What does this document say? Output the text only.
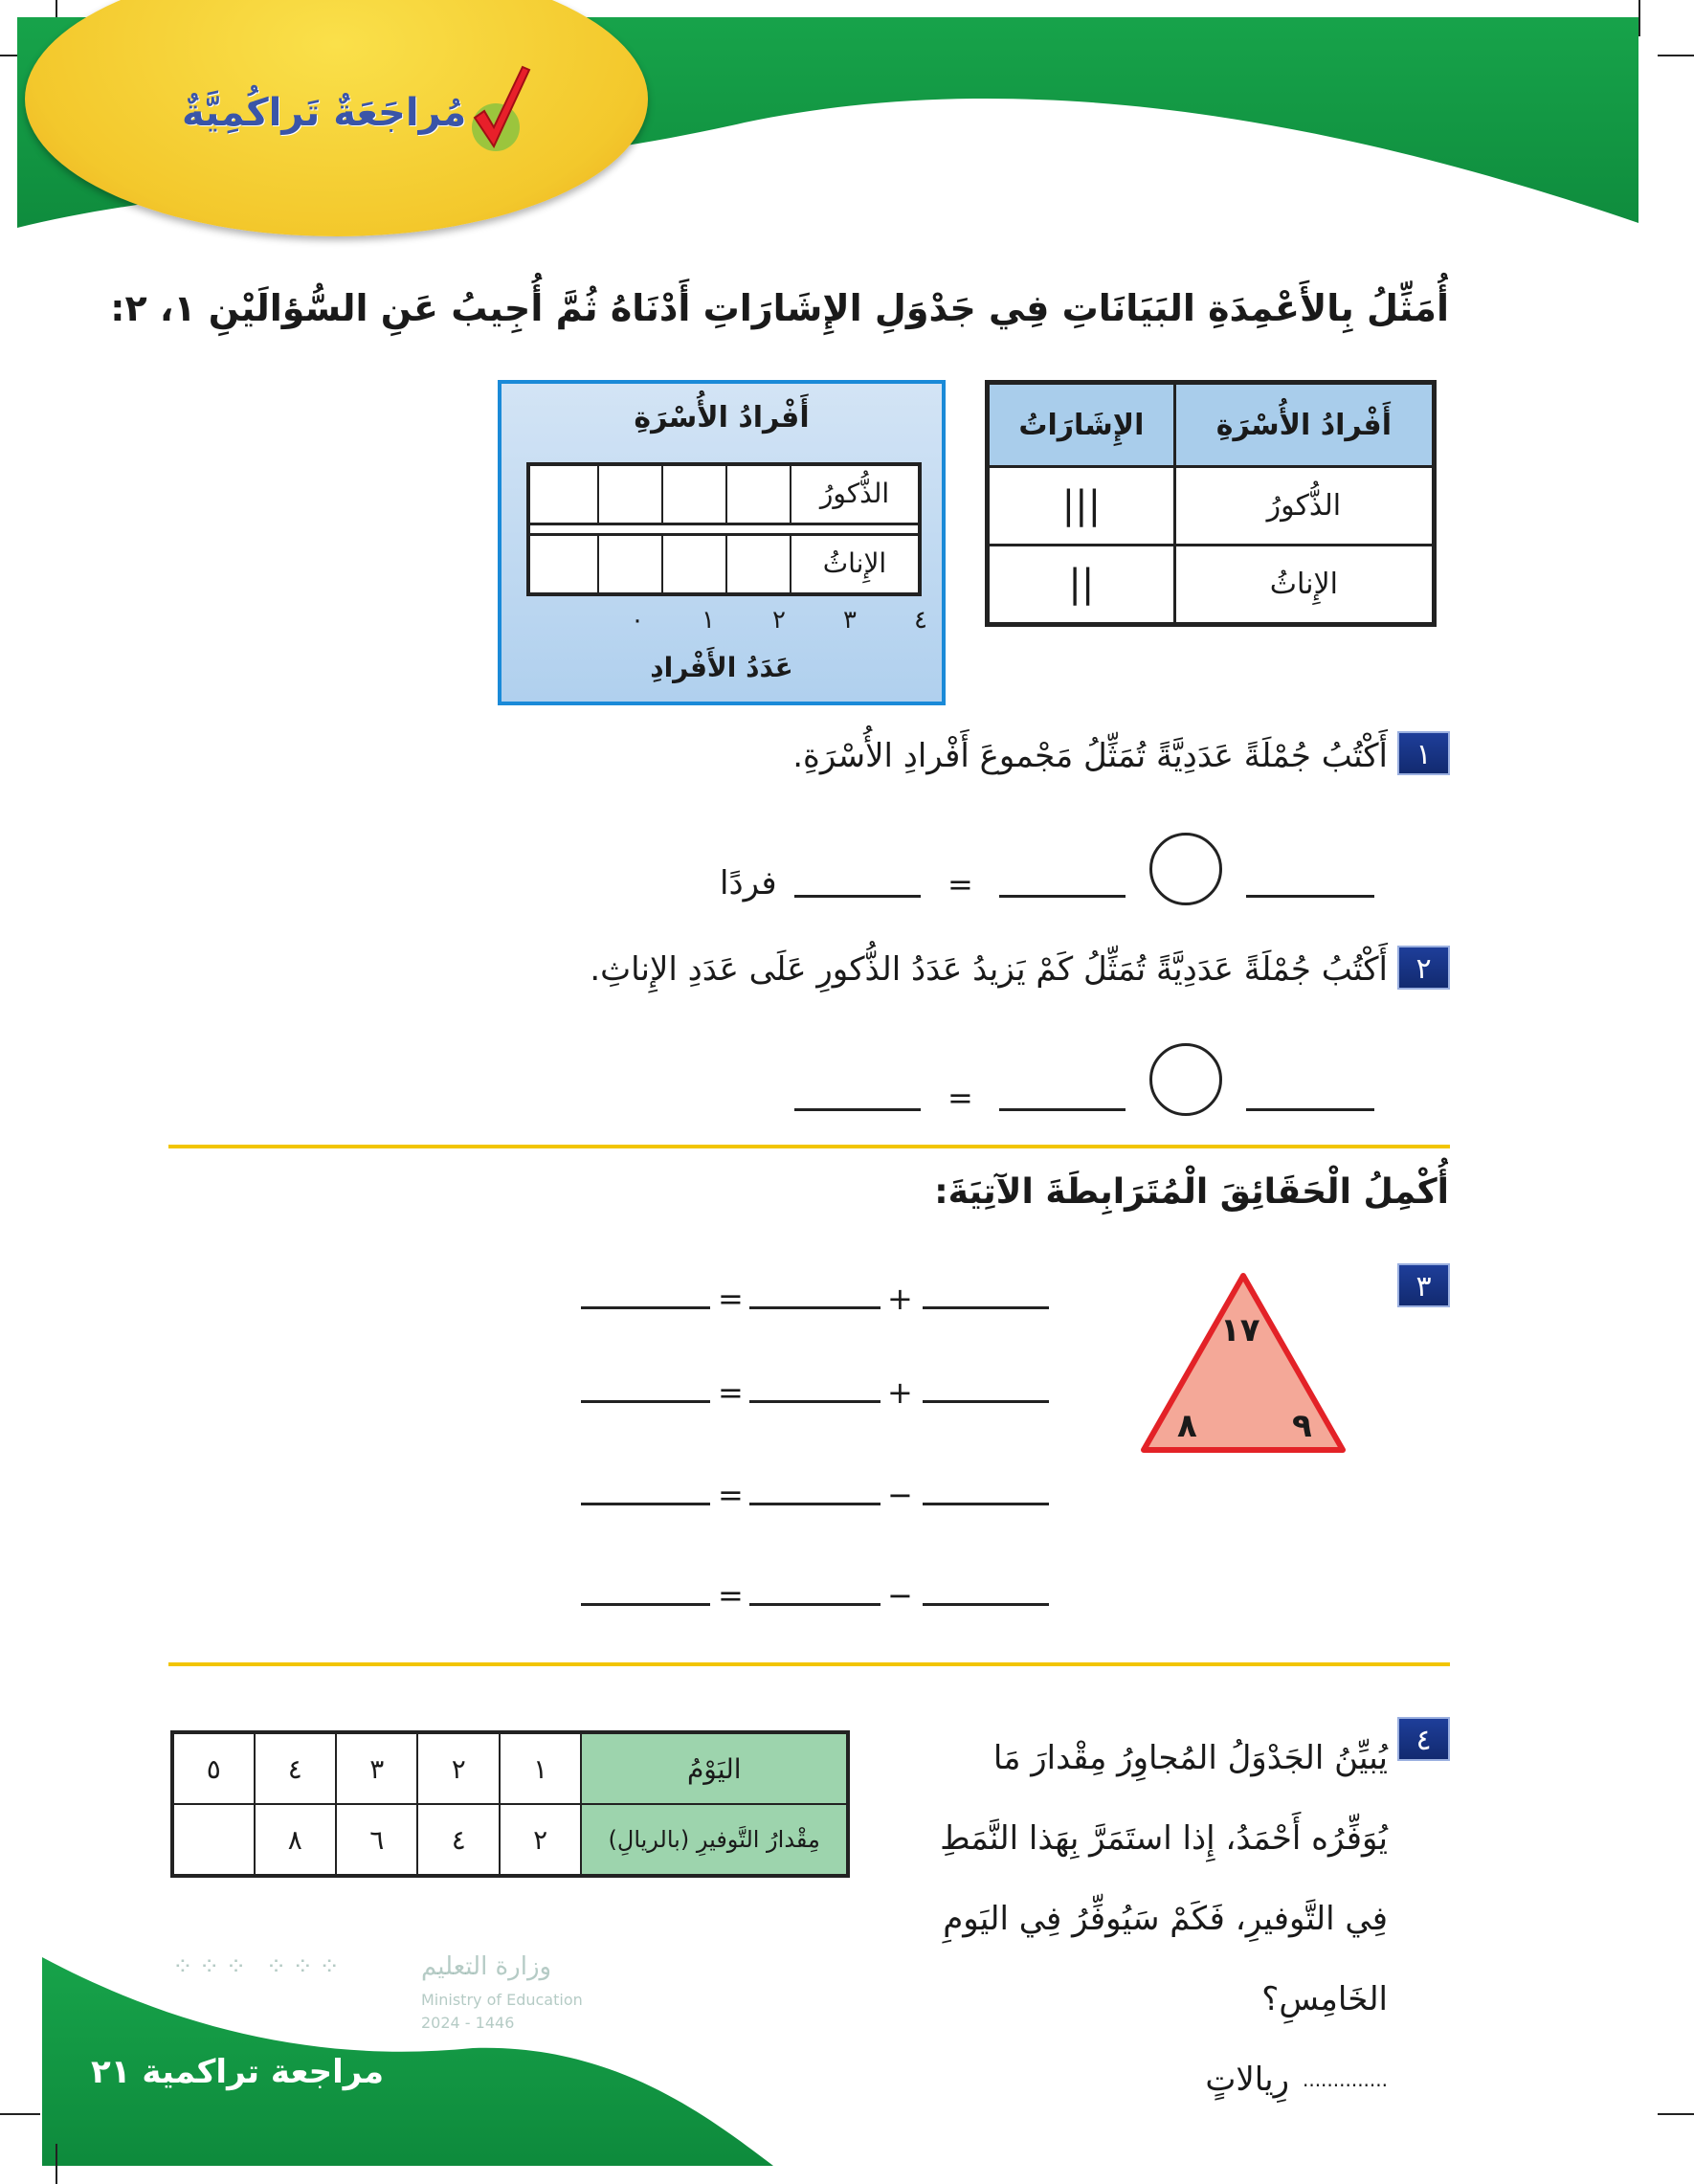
مُراجَعَةٌ تَراكُمِيَّةٌ
أُمَثِّلُ بِالأَعْمِدَةِ البَيَانَاتِ فِي جَدْوَلِ الإِشَارَاتِ أَدْنَاهُ ثُمَّ أُجِيبُ عَنِ السُّؤالَيْنِ ١، ٢:
أَفْرادُ الأُسْرَةِ	الإِشَارَاتُ
الذُّكورُ	|||
الإِناثُ	||
أَفْرادُ الأُسْرَةِ
الذُّكورُ
الإِناثُ
٠ ١ ٢ ٣ ٤
عَدَدُ الأَفْرادِ
١
أَكْتُبُ جُمْلَةً عَدَدِيَّةً تُمَثِّلُ مَجْموعَ أَفْرادِ الأُسْرَةِ.
=
فردًا
٢
أَكْتُبُ جُمْلَةً عَدَدِيَّةً تُمَثِّلُ كَمْ يَزيدُ عَدَدُ الذُّكورِ عَلَى عَدَدِ الإِناثِ.
=
أُكْمِلُ الْحَقَائِقَ الْمُتَرَابِطَةَ الآتِيَةَ:
٣
١٧
٨	٩
=	+
=	+
=	−
=	−
٤
يُبيِّنُ الجَدْوَلُ المُجاوِرُ مِقْدارَ مَا
يُوَفِّرُه أَحْمَدُ، إِذا استَمَرَّ بِهَذا النَّمَطِ
فِي التَّوفيرِ، فَكَمْ سَيُوفِّرُ فِي اليَومِ
الخَامِسِ؟
رِيالاتٍ ..............
اليَوْمُ	١	٢	٣	٤	٥
مِقْدارُ التَّوفيرِ (بالريالِ)	٢	٤	٦	٨	
⁘⁘⁘ ⁘⁘⁘	وزارة التعليم
Ministry of Education
2024 - 1446
مراجعة تراكمية ٢١
